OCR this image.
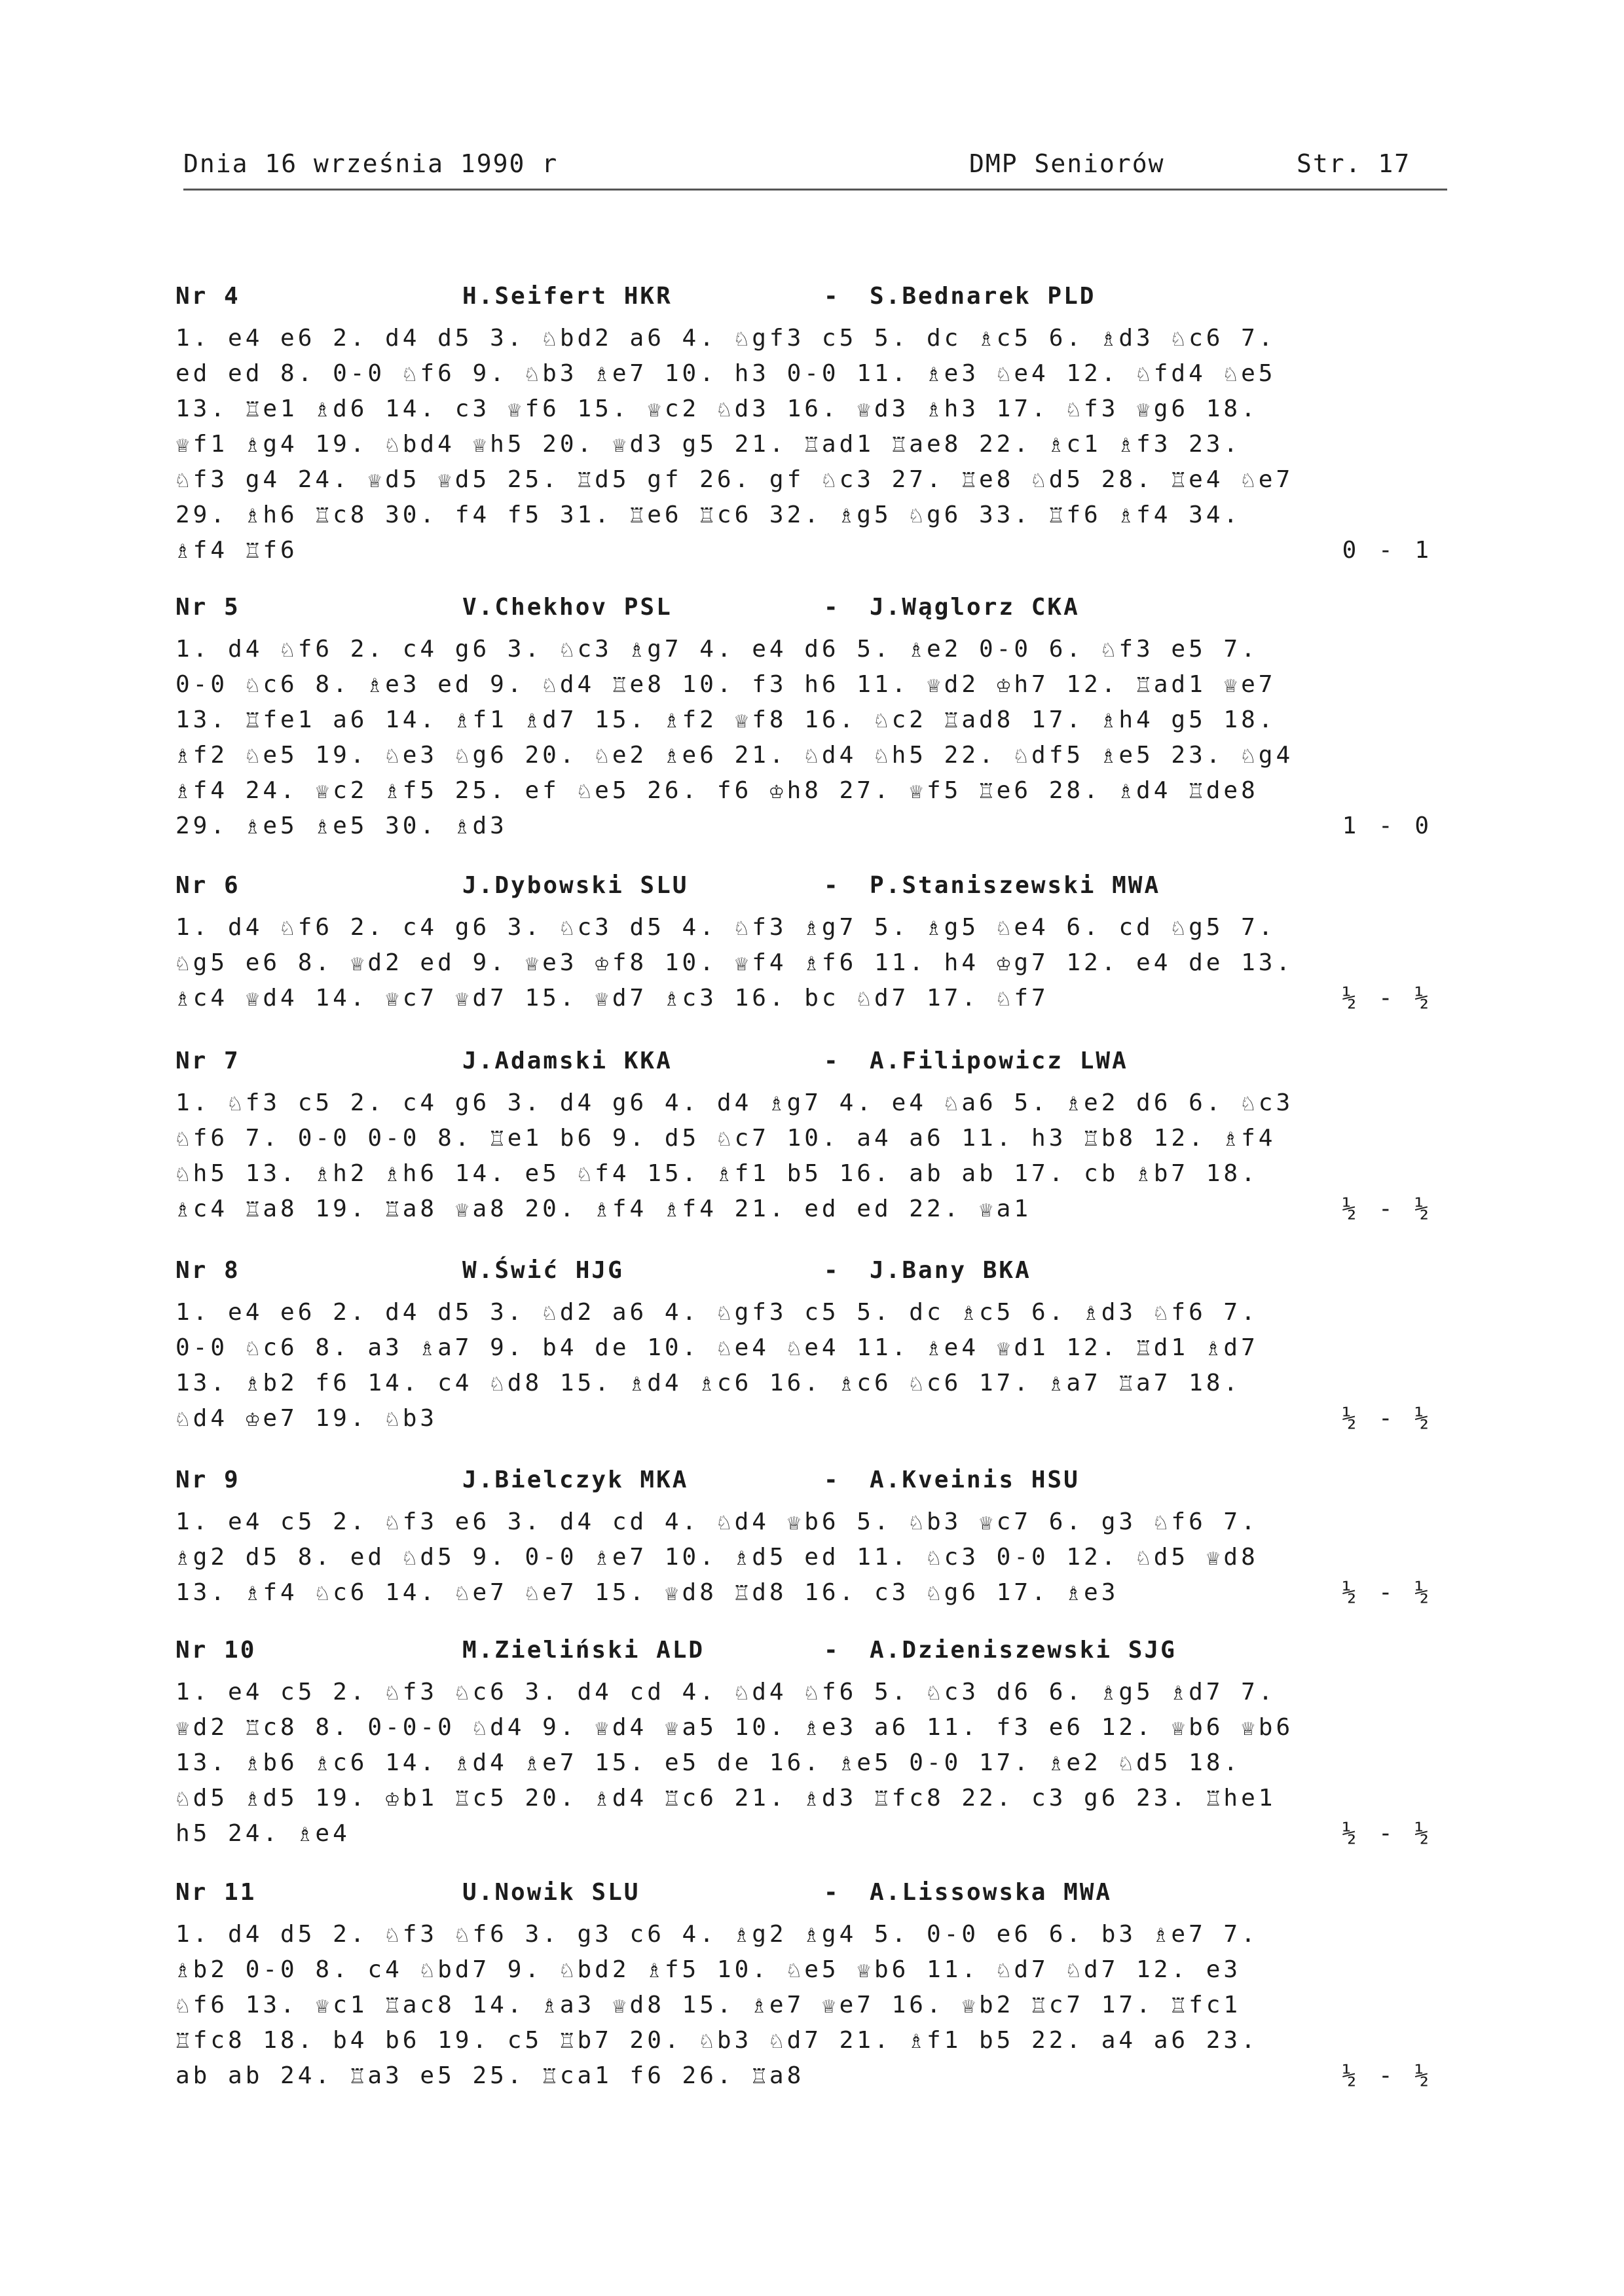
Dnia 16 września 1990 r	DMP Seniorów	Str. 17
Nr 4	H.Seifert HKR	- S.Bednarek PLD
1. e4 e6 2. d4 d5 3. ♘bd2 a6 4. ♘gf3 c5 5. dc ♗c5 6. ♗d3 ♘c6 7.
ed ed 8. 0-0 ♘f6 9. ♘b3 ♗e7 10. h3 0-0 11. ♗e3 ♘e4 12. ♘fd4 ♘e5
13. ♖e1 ♗d6 14. c3 ♕f6 15. ♕c2 ♘d3 16. ♕d3 ♗h3 17. ♘f3 ♕g6 18.
♕f1 ♗g4 19. ♘bd4 ♕h5 20. ♕d3 g5 21. ♖ad1 ♖ae8 22. ♗c1 ♗f3 23.
♘f3 g4 24. ♕d5 ♕d5 25. ♖d5 gf 26. gf ♘c3 27. ♖e8 ♘d5 28. ♖e4 ♘e7
29. ♗h6 ♖c8 30. f4 f5 31. ♖e6 ♖c6 32. ♗g5 ♘g6 33. ♖f6 ♗f4 34.
♗f4 ♖f6	0 - 1
Nr 5	V.Chekhov PSL	- J.Wąglorz CKA
1. d4 ♘f6 2. c4 g6 3. ♘c3 ♗g7 4. e4 d6 5. ♗e2 0-0 6. ♘f3 e5 7.
0-0 ♘c6 8. ♗e3 ed 9. ♘d4 ♖e8 10. f3 h6 11. ♕d2 ♔h7 12. ♖ad1 ♕e7
13. ♖fe1 a6 14. ♗f1 ♗d7 15. ♗f2 ♕f8 16. ♘c2 ♖ad8 17. ♗h4 g5 18.
♗f2 ♘e5 19. ♘e3 ♘g6 20. ♘e2 ♗e6 21. ♘d4 ♘h5 22. ♘df5 ♗e5 23. ♘g4
♗f4 24. ♕c2 ♗f5 25. ef ♘e5 26. f6 ♔h8 27. ♕f5 ♖e6 28. ♗d4 ♖de8
29. ♗e5 ♗e5 30. ♗d3	1 - 0
Nr 6	J.Dybowski SLU	- P.Staniszewski MWA
1. d4 ♘f6 2. c4 g6 3. ♘c3 d5 4. ♘f3 ♗g7 5. ♗g5 ♘e4 6. cd ♘g5 7.
♘g5 e6 8. ♕d2 ed 9. ♕e3 ♔f8 10. ♕f4 ♗f6 11. h4 ♔g7 12. e4 de 13.
♗c4 ♕d4 14. ♕c7 ♕d7 15. ♕d7 ♗c3 16. bc ♘d7 17. ♘f7	½ - ½
Nr 7	J.Adamski KKA	- A.Filipowicz LWA
1. ♘f3 c5 2. c4 g6 3. d4 g6 4. d4 ♗g7 4. e4 ♘a6 5. ♗e2 d6 6. ♘c3
♘f6 7. 0-0 0-0 8. ♖e1 b6 9. d5 ♘c7 10. a4 a6 11. h3 ♖b8 12. ♗f4
♘h5 13. ♗h2 ♗h6 14. e5 ♘f4 15. ♗f1 b5 16. ab ab 17. cb ♗b7 18.
♗c4 ♖a8 19. ♖a8 ♕a8 20. ♗f4 ♗f4 21. ed ed 22. ♕a1	½ - ½
Nr 8	W.Świć HJG	- J.Bany BKA
1. e4 e6 2. d4 d5 3. ♘d2 a6 4. ♘gf3 c5 5. dc ♗c5 6. ♗d3 ♘f6 7.
0-0 ♘c6 8. a3 ♗a7 9. b4 de 10. ♘e4 ♘e4 11. ♗e4 ♕d1 12. ♖d1 ♗d7
13. ♗b2 f6 14. c4 ♘d8 15. ♗d4 ♗c6 16. ♗c6 ♘c6 17. ♗a7 ♖a7 18.
♘d4 ♔e7 19. ♘b3	½ - ½
Nr 9	J.Bielczyk MKA	- A.Kveinis HSU
1. e4 c5 2. ♘f3 e6 3. d4 cd 4. ♘d4 ♕b6 5. ♘b3 ♕c7 6. g3 ♘f6 7.
♗g2 d5 8. ed ♘d5 9. 0-0 ♗e7 10. ♗d5 ed 11. ♘c3 0-0 12. ♘d5 ♕d8
13. ♗f4 ♘c6 14. ♘e7 ♘e7 15. ♕d8 ♖d8 16. c3 ♘g6 17. ♗e3	½ - ½
Nr 10	M.Zieliński ALD	- A.Dzieniszewski SJG
1. e4 c5 2. ♘f3 ♘c6 3. d4 cd 4. ♘d4 ♘f6 5. ♘c3 d6 6. ♗g5 ♗d7 7.
♕d2 ♖c8 8. 0-0-0 ♘d4 9. ♕d4 ♕a5 10. ♗e3 a6 11. f3 e6 12. ♕b6 ♕b6
13. ♗b6 ♗c6 14. ♗d4 ♗e7 15. e5 de 16. ♗e5 0-0 17. ♗e2 ♘d5 18.
♘d5 ♗d5 19. ♔b1 ♖c5 20. ♗d4 ♖c6 21. ♗d3 ♖fc8 22. c3 g6 23. ♖he1
h5 24. ♗e4	½ - ½
Nr 11	U.Nowik SLU	- A.Lissowska MWA
1. d4 d5 2. ♘f3 ♘f6 3. g3 c6 4. ♗g2 ♗g4 5. 0-0 e6 6. b3 ♗e7 7.
♗b2 0-0 8. c4 ♘bd7 9. ♘bd2 ♗f5 10. ♘e5 ♕b6 11. ♘d7 ♘d7 12. e3
♘f6 13. ♕c1 ♖ac8 14. ♗a3 ♕d8 15. ♗e7 ♕e7 16. ♕b2 ♖c7 17. ♖fc1
♖fc8 18. b4 b6 19. c5 ♖b7 20. ♘b3 ♘d7 21. ♗f1 b5 22. a4 a6 23.
ab ab 24. ♖a3 e5 25. ♖ca1 f6 26. ♖a8	½ - ½
